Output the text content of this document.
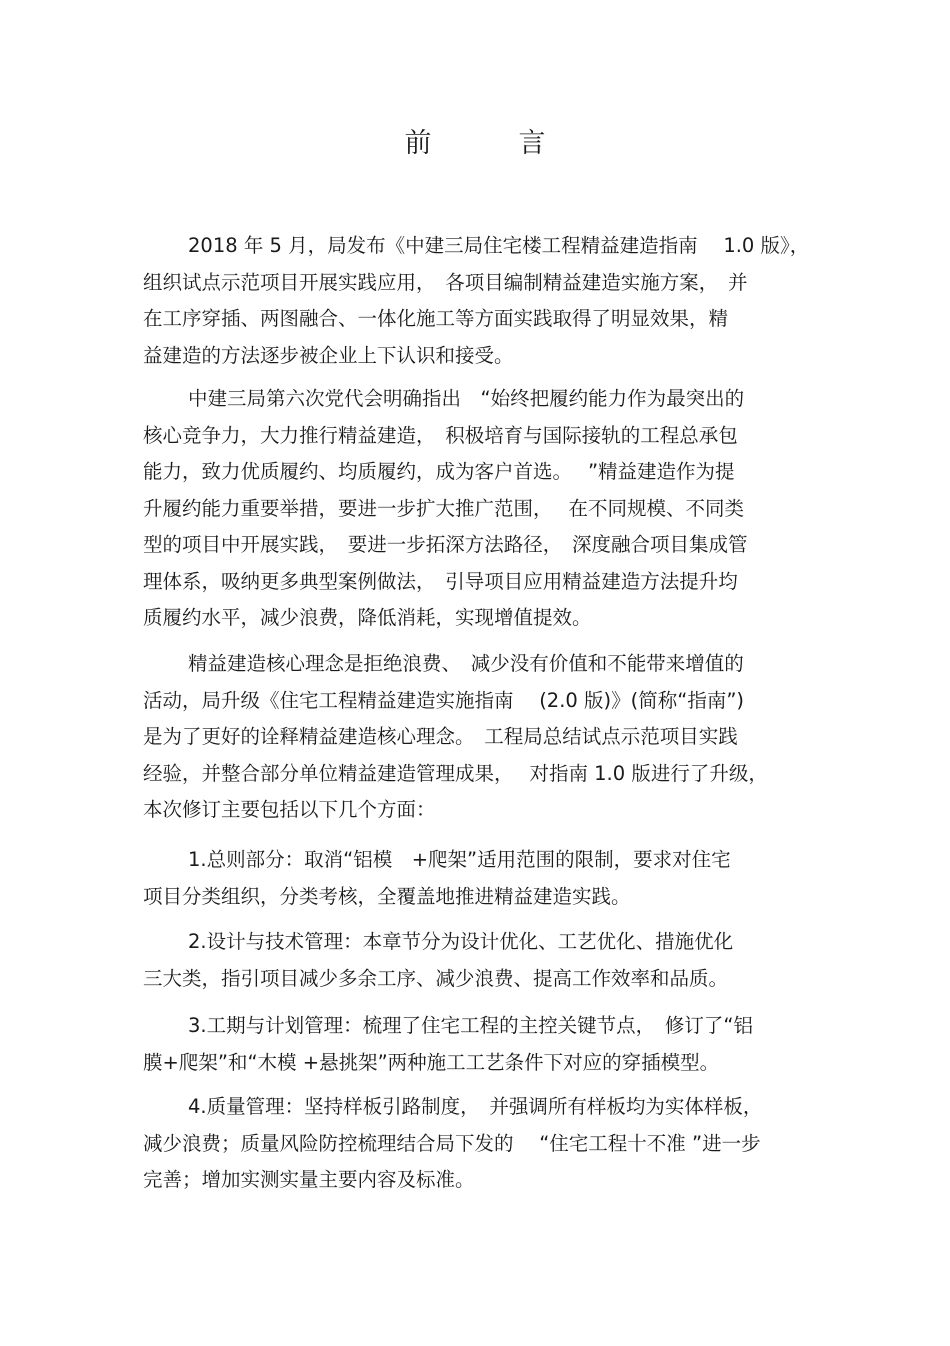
前　言

2018 年 5 月，局发布《中建三局住宅楼工程精益建造指南　 1.0 版》，
组织试点示范项目开展实践应用，　各项目编制精益建造实施方案，　并
在工序穿插、两图融合、一体化施工等方面实践取得了明显效果，精
益建造的方法逐步被企业上下认识和接受。

中建三局第六次党代会明确指出　“始终把履约能力作为最突出的
核心竞争力，大力推行精益建造，　积极培育与国际接轨的工程总承包
能力，致力优质履约、均质履约，成为客户首选。　 ”精益建造作为提
升履约能力重要举措，要进一步扩大推广范围，　 在不同规模、不同类
型的项目中开展实践，　要进一步拓深方法路径，　深度融合项目集成管
理体系，吸纳更多典型案例做法，　引导项目应用精益建造方法提升均
质履约水平，减少浪费，降低消耗，实现增值提效。

精益建造核心理念是拒绝浪费、　减少没有价值和不能带来增值的
活动，局升级《住宅工程精益建造实施指南　 (2.0 版)》(简称“指南”)
是为了更好的诠释精益建造核心理念。　工程局总结试点示范项目实践
经验，并整合部分单位精益建造管理成果，　 对指南 1.0 版进行了升级，
本次修订主要包括以下几个方面：

1.总则部分：取消“铝模　+爬架”适用范围的限制，要求对住宅
项目分类组织，分类考核，全覆盖地推进精益建造实践。

2.设计与技术管理：本章节分为设计优化、工艺优化、措施优化
三大类，指引项目减少多余工序、减少浪费、提高工作效率和品质。

3.工期与计划管理：梳理了住宅工程的主控关键节点，　修订了“铝
膜+爬架”和“木模 +悬挑架”两种施工工艺条件下对应的穿插模型。

4.质量管理：坚持样板引路制度，　并强调所有样板均为实体样板，
减少浪费；质量风险防控梳理结合局下发的　 “住宅工程十不准 ”进一步
完善；增加实测实量主要内容及标准。
